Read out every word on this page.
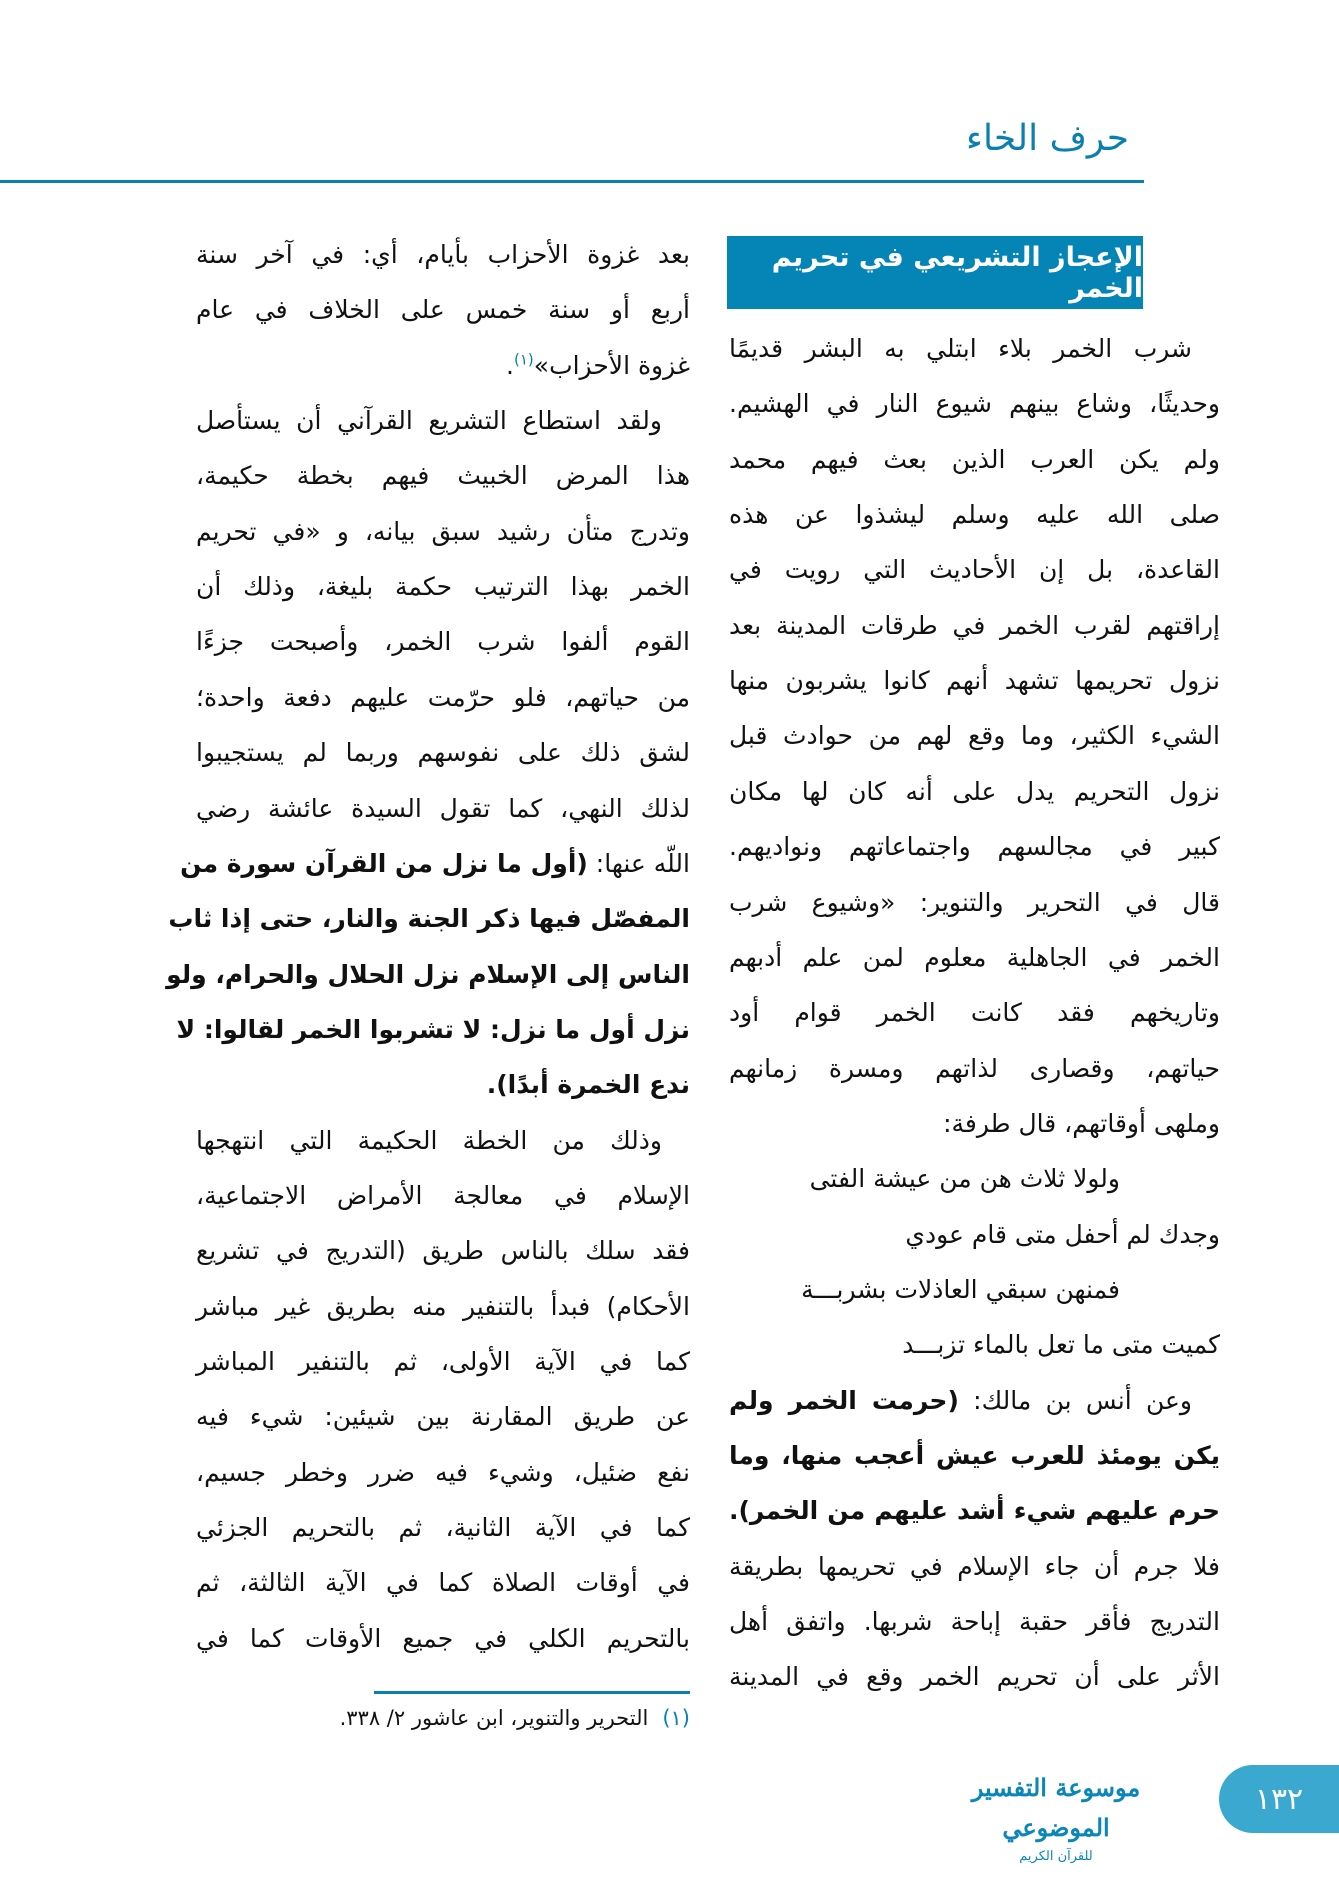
حرف الخاء
الإعجاز التشريعي في تحريم الخمر
شرب الخمر بلاء ابتلي به البشر قديمًا
وحديثًا، وشاع بينهم شيوع النار في الهشيم.
ولم يكن العرب الذين بعث فيهم محمد
صلى الله عليه وسلم ليشذوا عن هذه
القاعدة، بل إن الأحاديث التي رويت في
إراقتهم لقرب الخمر في طرقات المدينة بعد
نزول تحريمها تشهد أنهم كانوا يشربون منها
الشيء الكثير، وما وقع لهم من حوادث قبل
نزول التحريم يدل على أنه كان لها مكان
كبير في مجالسهم واجتماعاتهم ونواديهم.
قال في التحرير والتنوير: «وشيوع شرب
الخمر في الجاهلية معلوم لمن علم أدبهم
وتاريخهم فقد كانت الخمر قوام أود
حياتهم، وقصارى لذاتهم ومسرة زمانهم
وملهى أوقاتهم، قال طرفة:
ولولا ثلاث هن من عيشة الفتى
وجدك لم أحفل متى قام عودي
فمنهن سبقي العاذلات بشربـــة
كميت متى ما تعل بالماء تزبـــد
وعن أنس بن مالك: (حرمت الخمر ولم
يكن يومئذ للعرب عيش أعجب منها، وما
حرم عليهم شيء أشد عليهم من الخمر).
فلا جرم أن جاء الإسلام في تحريمها بطريقة
التدريج فأقر حقبة إباحة شربها. واتفق أهل
الأثر على أن تحريم الخمر وقع في المدينة
بعد غزوة الأحزاب بأيام، أي: في آخر سنة
أربع أو سنة خمس على الخلاف في عام
غزوة الأحزاب»$^{(١)}$.
ولقد استطاع التشريع القرآني أن يستأصل
هذا المرض الخبيث فيهم بخطة حكيمة،
وتدرج متأن رشيد سبق بيانه، و «في تحريم
الخمر بهذا الترتيب حكمة بليغة، وذلك أن
القوم ألفوا شرب الخمر، وأصبحت جزءًا
من حياتهم، فلو حرّمت عليهم دفعة واحدة؛
لشق ذلك على نفوسهم وربما لم يستجيبوا
لذلك النهي، كما تقول السيدة عائشة رضي
اللّه عنها: (أول ما نزل من القرآن سورة من
المفصّل فيها ذكر الجنة والنار، حتى إذا ثاب
الناس إلى الإسلام نزل الحلال والحرام، ولو
نزل أول ما نزل: لا تشربوا الخمر لقالوا: لا
ندع الخمرة أبدًا).
وذلك من الخطة الحكيمة التي انتهجها
الإسلام في معالجة الأمراض الاجتماعية،
فقد سلك بالناس طريق (التدريج في تشريع
الأحكام) فبدأ بالتنفير منه بطريق غير مباشر
كما في الآية الأولى، ثم بالتنفير المباشر
عن طريق المقارنة بين شيئين: شيء فيه
نفع ضئيل، وشيء فيه ضرر وخطر جسيم،
كما في الآية الثانية، ثم بالتحريم الجزئي
في أوقات الصلاة كما في الآية الثالثة، ثم
بالتحريم الكلي في جميع الأوقات كما في
(١)التحرير والتنوير، ابن عاشور ٢/ ٣٣٨.
موسوعة التفسير الموضوعي
للقرآن الكريم
١٣٢
